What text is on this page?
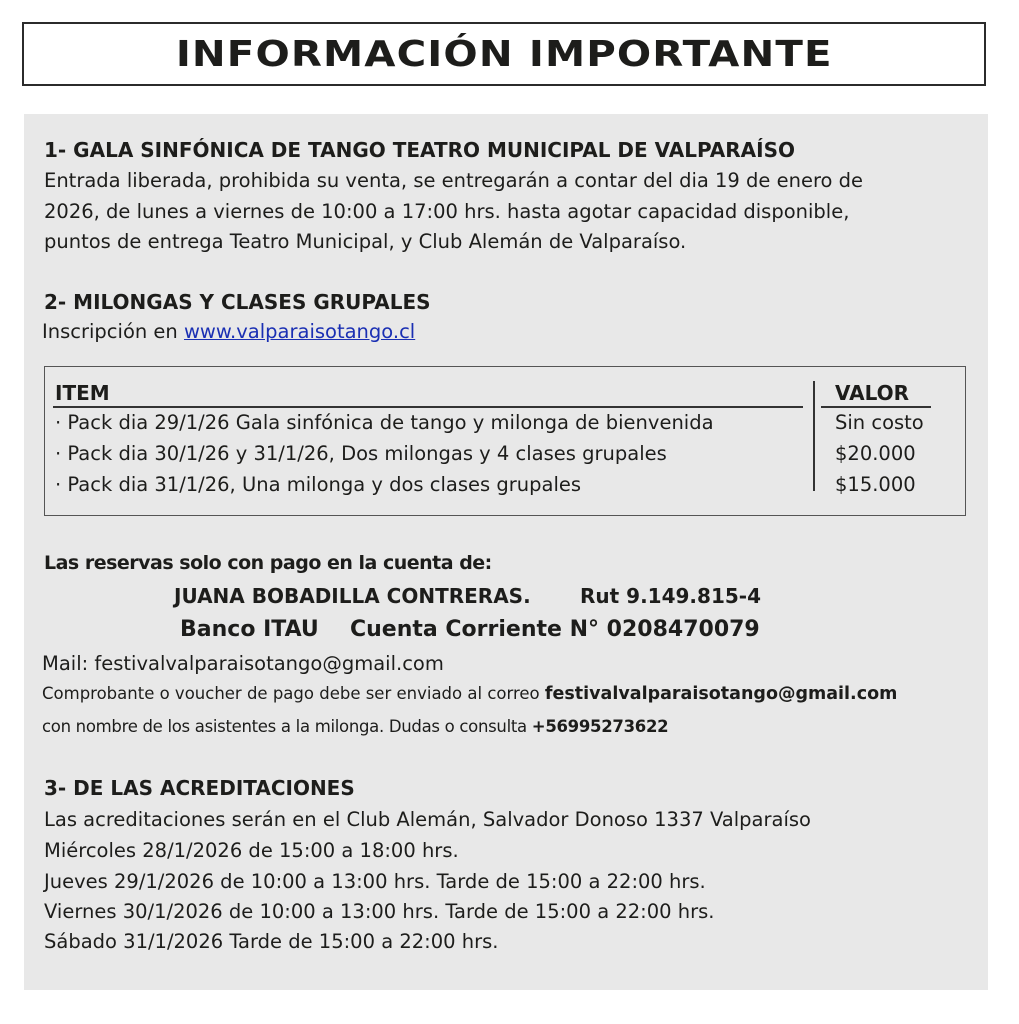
INFORMACIÓN IMPORTANTE
1- GALA SINFÓNICA DE TANGO TEATRO MUNICIPAL DE VALPARAÍSO
Entrada liberada, prohibida su venta, se entregarán a contar del dia 19 de enero de
2026, de lunes a viernes de 10:00 a 17:00 hrs. hasta agotar capacidad disponible,
puntos de entrega Teatro Municipal, y Club Alemán de Valparaíso.
2- MILONGAS Y CLASES GRUPALES
Inscripción en www.valparaisotango.cl
ITEM	VALOR
· Pack dia 29/1/26 Gala sinfónica de tango y milonga de bienvenida	Sin costo
· Pack dia 30/1/26 y 31/1/26, Dos milongas y 4 clases grupales	$20.000
· Pack dia 31/1/26, Una milonga y dos clases grupales	$15.000
Las reservas solo con pago en la cuenta de:
JUANA BOBADILLA CONTRERAS. Rut 9.149.815-4
Banco ITAU Cuenta Corriente N° 0208470079
Mail: festivalvalparaisotango@gmail.com
Comprobante o voucher de pago debe ser enviado al correo festivalvalparaisotango@gmail.com
con nombre de los asistentes a la milonga. Dudas o consulta +56995273622
3- DE LAS ACREDITACIONES
Las acreditaciones serán en el Club Alemán, Salvador Donoso 1337 Valparaíso
Miércoles 28/1/2026 de 15:00 a 18:00 hrs.
Jueves 29/1/2026 de 10:00 a 13:00 hrs. Tarde de 15:00 a 22:00 hrs.
Viernes 30/1/2026 de 10:00 a 13:00 hrs. Tarde de 15:00 a 22:00 hrs.
Sábado 31/1/2026 Tarde de 15:00 a 22:00 hrs.
